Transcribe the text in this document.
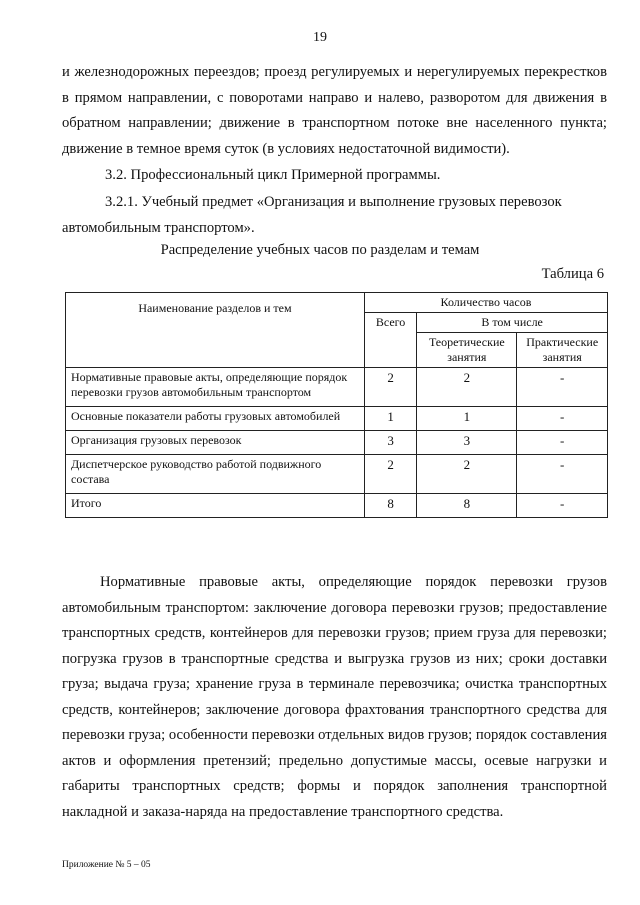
19
и железнодорожных переездов; проезд регулируемых и нерегулируемых перекрестков в прямом направлении, с поворотами направо и налево, разворотом для движения в обратном направлении; движение в транспортном потоке вне населенного пункта; движение в темное время суток (в условиях недостаточной видимости).
3.2. Профессиональный цикл Примерной программы.
3.2.1. Учебный предмет «Организация и выполнение грузовых перевозок
автомобильным транспортом».
Распределение учебных часов по разделам и темам
Таблица 6
Наименование разделов и тем	Количество часов		
	Всего	В том числе	
		Теоретические занятия	Практические занятия
Нормативные правовые акты, определяющие порядок перевозки грузов автомобильным транспортом	2	2	-
Основные показатели работы грузовых автомобилей	1	1	-
Организация грузовых перевозок	3	3	-
Диспетчерское руководство работой подвижного состава	2	2	-
Итого	8	8	-
Нормативные правовые акты, определяющие порядок перевозки грузов автомобильным транспортом: заключение договора перевозки грузов; предоставление транспортных средств, контейнеров для перевозки грузов; прием груза для перевозки; погрузка грузов в транспортные средства и выгрузка грузов из них; сроки доставки груза; выдача груза; хранение груза в терминале перевозчика; очистка транспортных средств, контейнеров; заключение договора фрахтования транспортного средства для перевозки груза; особенности перевозки отдельных видов грузов; порядок составления актов и оформления претензий; предельно допустимые массы, осевые нагрузки и габариты транспортных средств; формы и порядок заполнения транспортной накладной и заказа-наряда на предоставление транспортного средства.
Приложение № 5 – 05
